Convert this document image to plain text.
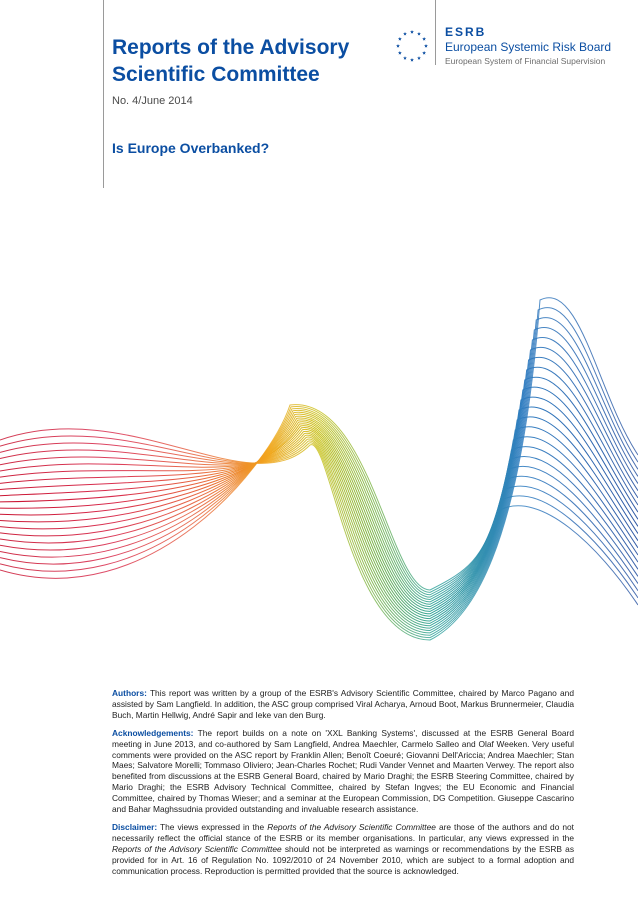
Reports of the Advisory
Scientific Committee
No. 4/June 2014
Is Europe Overbanked?
ESRB
European Systemic Risk Board
European System of Financial Supervision

Authors: This report was written by a group of the ESRB's Advisory Scientific Committee, chaired by Marco Pagano and assisted by Sam Langfield. In addition, the ASC group comprised Viral Acharya, Arnoud Boot, Markus Brunnermeier, Claudia Buch, Martin Hellwig, André Sapir and Ieke van den Burg.

Acknowledgements: The report builds on a note on 'XXL Banking Systems', discussed at the ESRB General Board meeting in June 2013, and co-authored by Sam Langfield, Andrea Maechler, Carmelo Salleo and Olaf Weeken. Very useful comments were provided on the ASC report by Franklin Allen; Benoît Coeuré; Giovanni Dell'Ariccia; Andrea Maechler; Stan Maes; Salvatore Morelli; Tommaso Oliviero; Jean-Charles Rochet; Rudi Vander Vennet and Maarten Verwey. The report also benefited from discussions at the ESRB General Board, chaired by Mario Draghi; the ESRB Steering Committee, chaired by Mario Draghi; the ESRB Advisory Technical Committee, chaired by Stefan Ingves; the EU Economic and Financial Committee, chaired by Thomas Wieser; and a seminar at the European Commission, DG Competition. Giuseppe Cascarino and Bahar Maghssudnia provided outstanding and invaluable research assistance.

Disclaimer: The views expressed in the Reports of the Advisory Scientific Committee are those of the authors and do not necessarily reflect the official stance of the ESRB or its member organisations. In particular, any views expressed in the Reports of the Advisory Scientific Committee should not be interpreted as warnings or recommendations by the ESRB as provided for in Art. 16 of Regulation No. 1092/2010 of 24 November 2010, which are subject to a formal adoption and communication process. Reproduction is permitted provided that the source is acknowledged.
